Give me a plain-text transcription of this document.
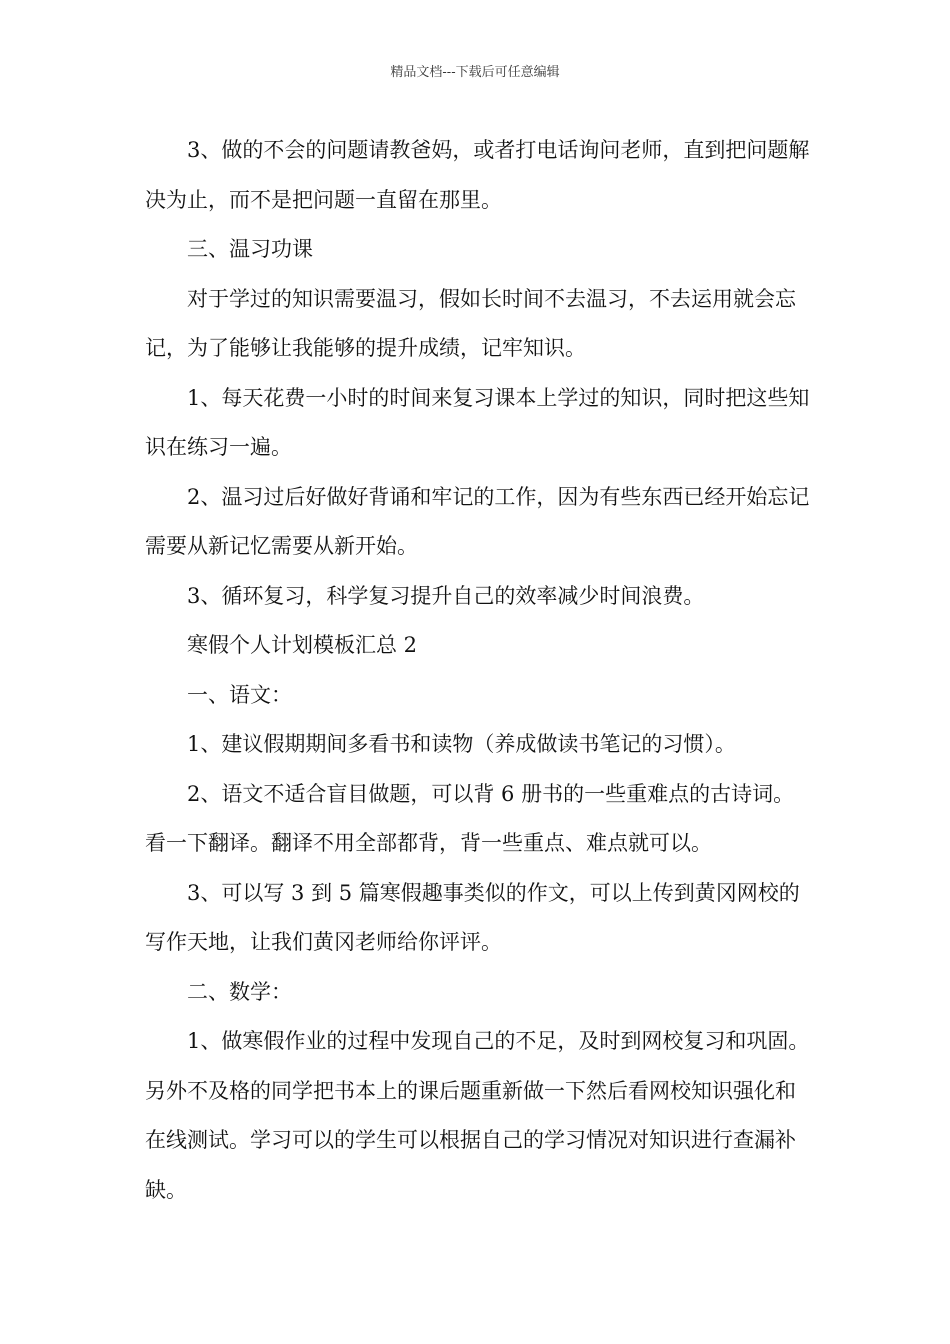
精品文档---下载后可任意编辑

3、做的不会的问题请教爸妈，或者打电话询问老师，直到把问题解决为止，而不是把问题一直留在那里。

三、温习功课

对于学过的知识需要温习，假如长时间不去温习，不去运用就会忘记，为了能够让我能够的提升成绩，记牢知识。

1、每天花费一小时的时间来复习课本上学过的知识，同时把这些知识在练习一遍。

2、温习过后好做好背诵和牢记的工作，因为有些东西已经开始忘记需要从新记忆需要从新开始。

3、循环复习，科学复习提升自己的效率减少时间浪费。

寒假个人计划模板汇总 2

一、语文：

1、建议假期期间多看书和读物（养成做读书笔记的习惯）。

2、语文不适合盲目做题，可以背 6 册书的一些重难点的古诗词。看一下翻译。翻译不用全部都背，背一些重点、难点就可以。

3、可以写 3 到 5 篇寒假趣事类似的作文，可以上传到黄冈网校的写作天地，让我们黄冈老师给你评评。

二、数学：

1、做寒假作业的过程中发现自己的不足，及时到网校复习和巩固。另外不及格的同学把书本上的课后题重新做一下然后看网校知识强化和在线测试。学习可以的学生可以根据自己的学习情况对知识进行查漏补缺。
